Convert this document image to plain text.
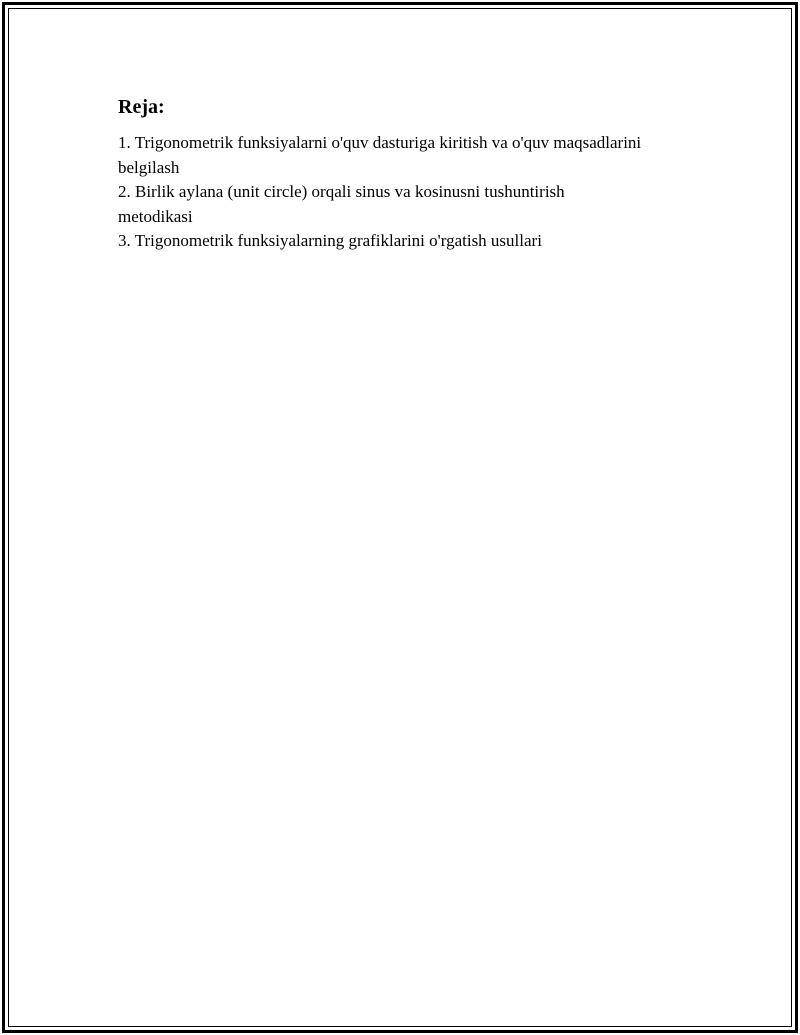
Reja:
1. Trigonometrik funksiyalarni o'quv dasturiga kiritish va o'quv maqsadlarini belgilash
2. Birlik aylana (unit circle) orqali sinus va kosinusni tushuntirish metodikasi
3. Trigonometrik funksiyalarning grafiklarini o'rgatish usullari
